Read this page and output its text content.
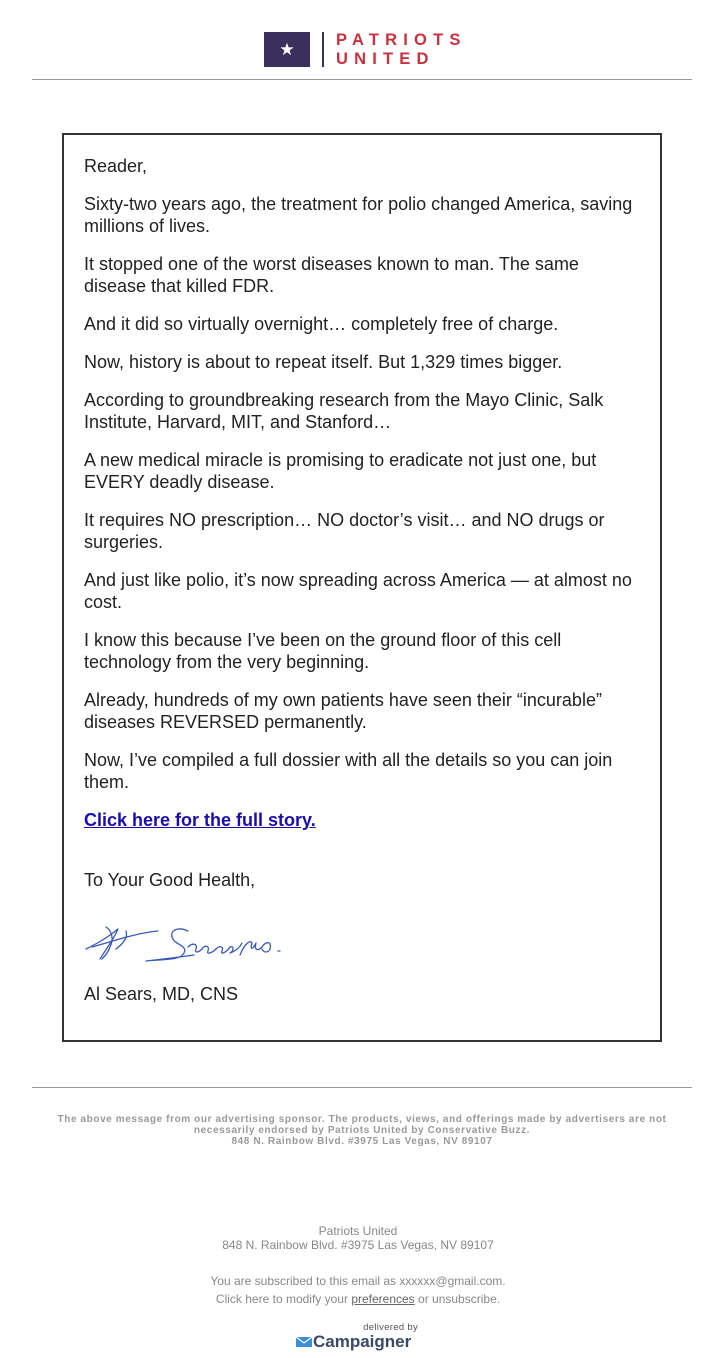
★	PATRIOTS
UNITED

Reader,

Sixty-two years ago, the treatment for polio changed America, saving millions of lives.

It stopped one of the worst diseases known to man. The same disease that killed FDR.

And it did so virtually overnight… completely free of charge.

Now, history is about to repeat itself. But 1,329 times bigger.

According to groundbreaking research from the Mayo Clinic, Salk Institute, Harvard, MIT, and Stanford…

A new medical miracle is promising to eradicate not just one, but EVERY deadly disease.

It requires NO prescription… NO doctor’s visit… and NO drugs or surgeries.

And just like polio, it’s now spreading across America — at almost no cost.

I know this because I’ve been on the ground floor of this cell technology from the very beginning.

Already, hundreds of my own patients have seen their “incurable” diseases REVERSED permanently.

Now, I’ve compiled a full dossier with all the details so you can join them.

Click here for the full story.

To Your Good Health,

Al Sears, MD, CNS

The above message from our advertising sponsor. The products, views, and offerings made by advertisers are not necessarily endorsed by Patriots United by Conservative Buzz.
848 N. Rainbow Blvd. #3975 Las Vegas, NV 89107
Patriots United
848 N. Rainbow Blvd. #3975 Las Vegas, NV 89107
You are subscribed to this email as xxxxxx@gmail.com.
Click here to modify your preferences or unsubscribe.
delivered by
Campaigner
